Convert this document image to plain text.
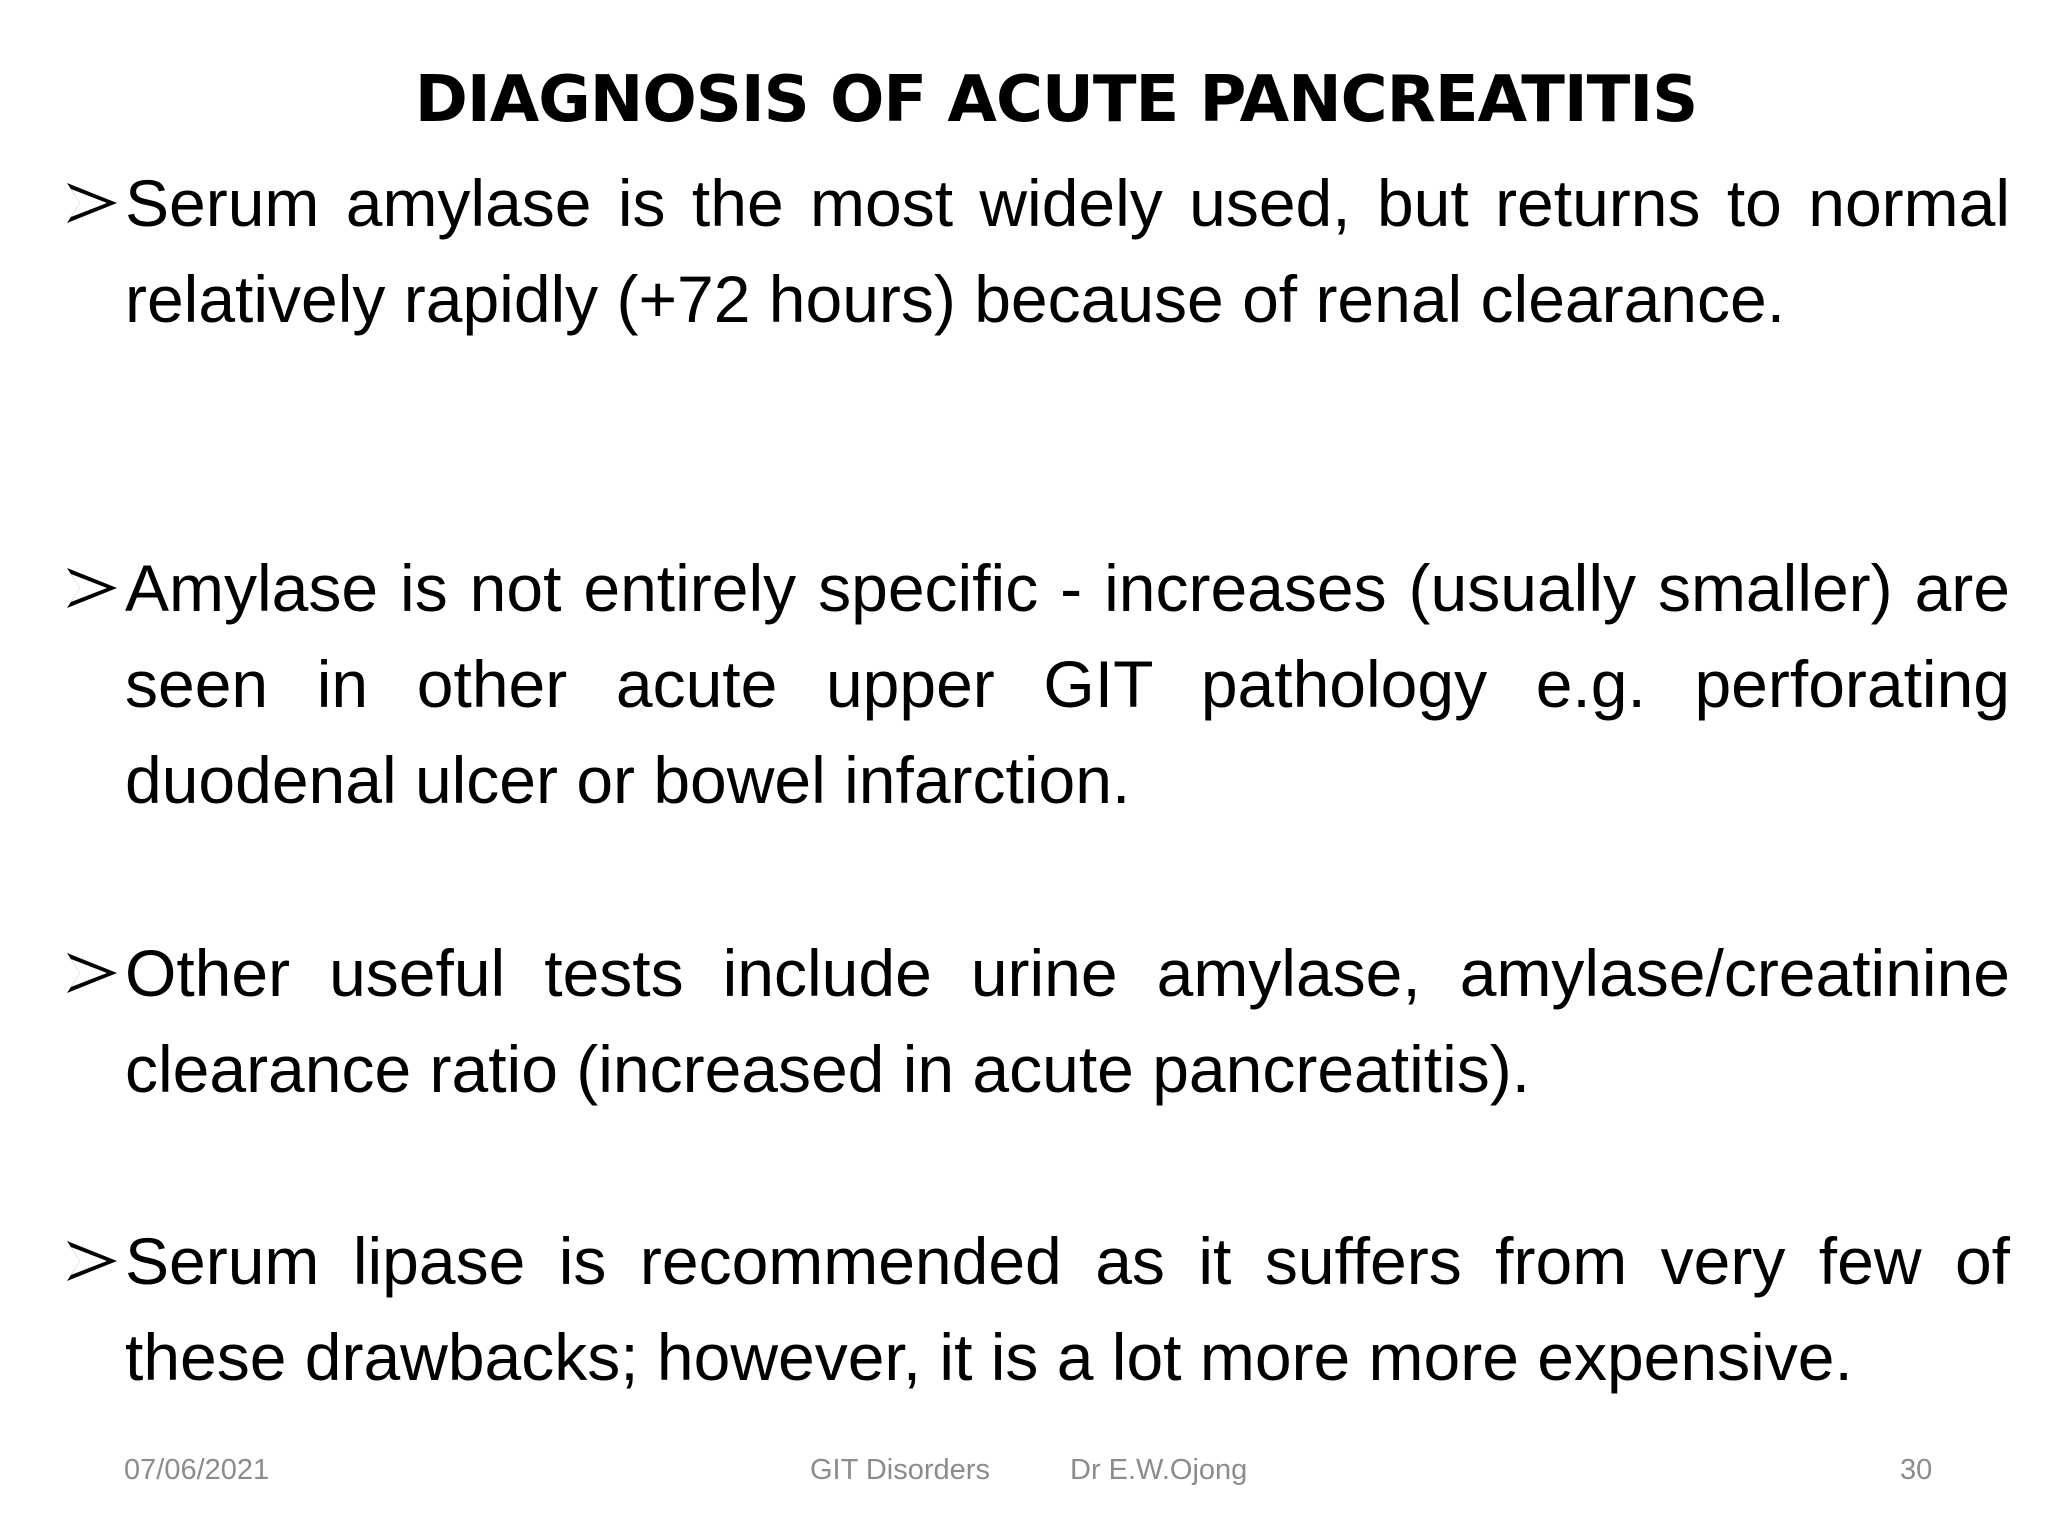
DIAGNOSIS OF ACUTE PANCREATITIS
Serum amylase is the most widely used, but returns to normal relatively rapidly (+72 hours) because of renal clearance.
Amylase is not entirely specific - increases (usually smaller) are seen in other acute upper GIT pathology e.g. perforating duodenal ulcer or bowel infarction.
Other useful tests include urine amylase, amylase/creatinine clearance ratio (increased in acute pancreatitis).
Serum lipase is recommended as it suffers from very few of these drawbacks; however, it is a lot more more expensive.
07/06/2021	GIT Disorders	Dr E.W.Ojong	30
